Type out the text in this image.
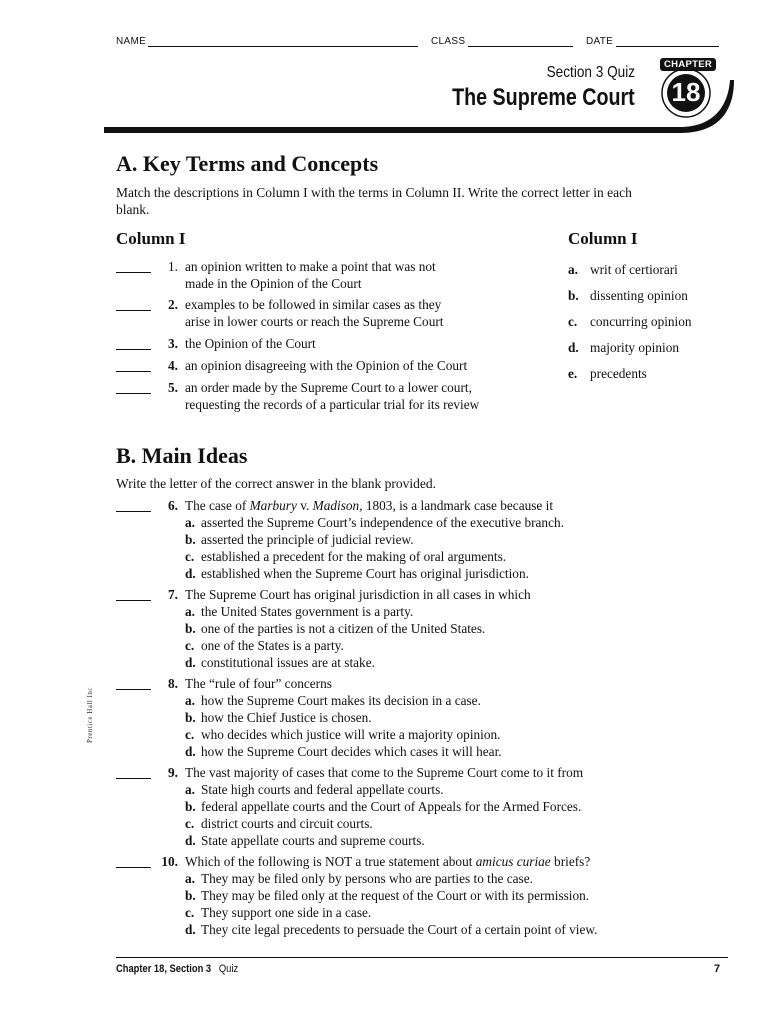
NAME	CLASS	DATE
Section 3 Quiz
The Supreme Court
CHAPTER
18
A. Key Terms and Concepts
Match the descriptions in Column I with the terms in Column II. Write the correct letter in each
blank.
Column I	Column I
1. an opinion written to make a point that was not
made in the Opinion of the Court
2. examples to be followed in similar cases as they
arise in lower courts or reach the Supreme Court
3. the Opinion of the Court
4. an opinion disagreeing with the Opinion of the Court
5. an order made by the Supreme Court to a lower court,
requesting the records of a particular trial for its review
a. writ of certiorari
b. dissenting opinion
c. concurring opinion
d. majority opinion
e. precedents
B. Main Ideas
Write the letter of the correct answer in the blank provided.
6. The case of Marbury v. Madison, 1803, is a landmark case because it
a. asserted the Supreme Court’s independence of the executive branch.
b. asserted the principle of judicial review.
c. established a precedent for the making of oral arguments.
d. established when the Supreme Court has original jurisdiction.
7. The Supreme Court has original jurisdiction in all cases in which
a. the United States government is a party.
b. one of the parties is not a citizen of the United States.
c. one of the States is a party.
d. constitutional issues are at stake.
8. The “rule of four” concerns
a. how the Supreme Court makes its decision in a case.
b. how the Chief Justice is chosen.
c. who decides which justice will write a majority opinion.
d. how the Supreme Court decides which cases it will hear.
9. The vast majority of cases that come to the Supreme Court come to it from
a. State high courts and federal appellate courts.
b. federal appellate courts and the Court of Appeals for the Armed Forces.
c. district courts and circuit courts.
d. State appellate courts and supreme courts.
10. Which of the following is NOT a true statement about amicus curiae briefs?
a. They may be filed only by persons who are parties to the case.
b. They may be filed only at the request of the Court or with its permission.
c. They support one side in a case.
d. They cite legal precedents to persuade the Court of a certain point of view.
Prentice Hall Inc
Chapter 18, Section 3 Quiz	7
